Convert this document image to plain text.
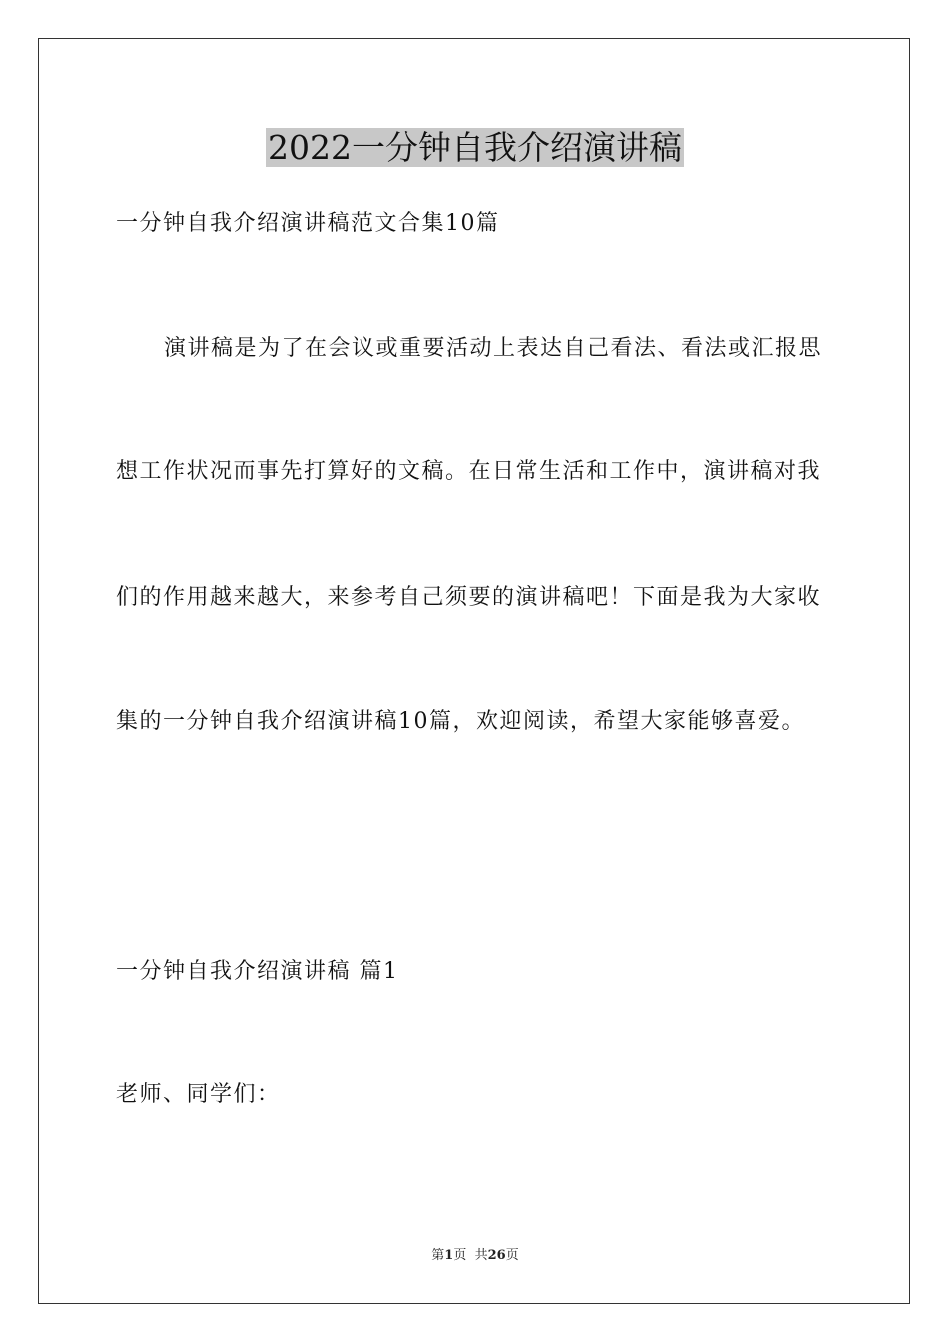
2022一分钟自我介绍演讲稿
一分钟自我介绍演讲稿范文合集10篇
演讲稿是为了在会议或重要活动上表达自己看法、看法或汇报思
想工作状况而事先打算好的文稿。在日常生活和工作中，演讲稿对我
们的作用越来越大，来参考自己须要的演讲稿吧！下面是我为大家收
集的一分钟自我介绍演讲稿10篇，欢迎阅读，希望大家能够喜爱。
一分钟自我介绍演讲稿 篇1
老师、同学们：
第1页  共26页
